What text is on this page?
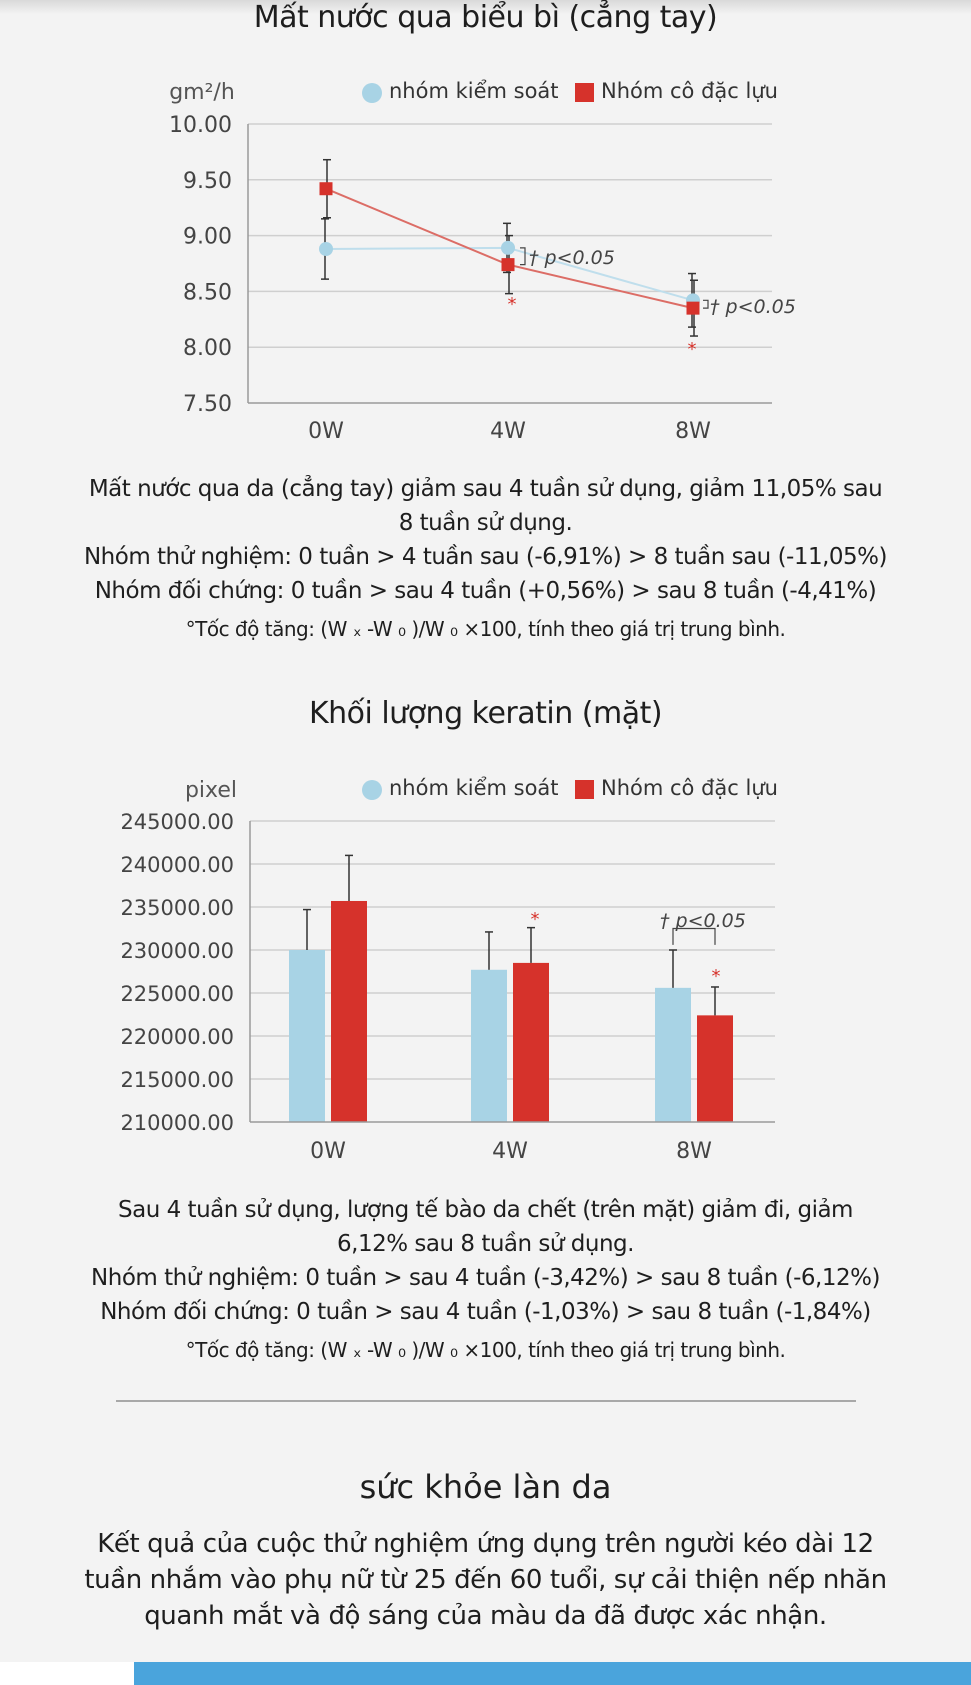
Mất nước qua biểu bì (cẳng tay)
gm²/h	nhóm kiểm soát Nhóm cô đặc lựu
7.50
8.00
8.50
9.00
9.50
10.00
0W	4W	8W
† p<0.05
† p<0.05
*
*

Mất nước qua da (cẳng tay) giảm sau 4 tuần sử dụng, giảm 11,05% sau 8 tuần sử dụng.

Nhóm thử nghiệm: 0 tuần > 4 tuần sau (-6,91%) > 8 tuần sau (-11,05%)

Nhóm đối chứng: 0 tuần > sau 4 tuần (+0,56%) > sau 8 tuần (-4,41%)

°Tốc độ tăng: (W ₓ -W ₀ )/W ₀ ×100, tính theo giá trị trung bình.

Khối lượng keratin (mặt)
pixel	nhóm kiểm soát Nhóm cô đặc lựu
210000.00
215000.00
220000.00
225000.00
230000.00
235000.00
240000.00
245000.00
0W	4W	8W
† p<0.05
*
*

Sau 4 tuần sử dụng, lượng tế bào da chết (trên mặt) giảm đi, giảm 6,12% sau 8 tuần sử dụng.

Nhóm thử nghiệm: 0 tuần > sau 4 tuần (-3,42%) > sau 8 tuần (-6,12%)

Nhóm đối chứng: 0 tuần > sau 4 tuần (-1,03%) > sau 8 tuần (-1,84%)

°Tốc độ tăng: (W ₓ -W ₀ )/W ₀ ×100, tính theo giá trị trung bình.

sức khỏe làn da
Kết quả của cuộc thử nghiệm ứng dụng trên người kéo dài 12 tuần nhắm vào phụ nữ từ 25 đến 60 tuổi, sự cải thiện nếp nhăn quanh mắt và độ sáng của màu da đã được xác nhận.
